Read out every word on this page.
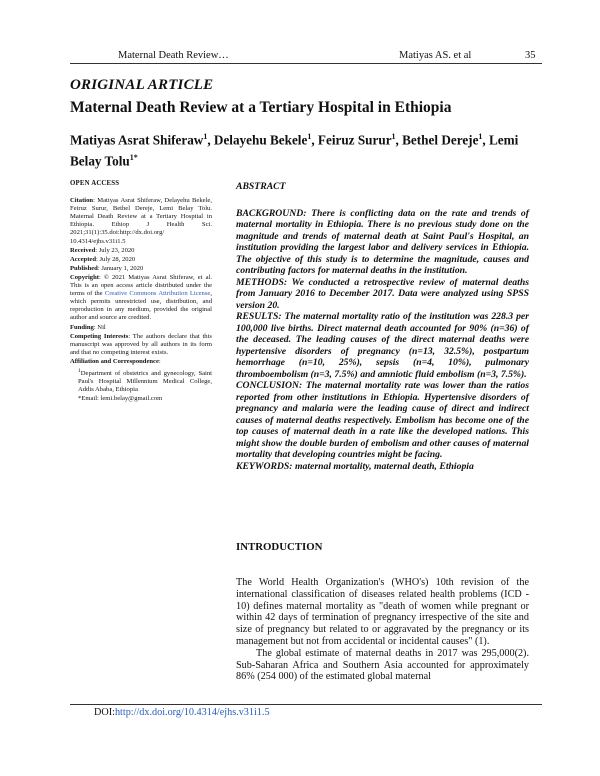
Maternal Death Review…	Matiyas AS. et al	35
ORIGINAL ARTICLE
Maternal Death Review at a Tertiary Hospital in Ethiopia
Matiyas Asrat Shiferaw$^1$, Delayehu Bekele$^1$, Feiruz Surur$^1$, Bethel Dereje$^1$, Lemi Belay Tolu$^{1*}$

OPEN ACCESS

Citation: Matiyas Asrat Shiferaw, Delayehu Bekele, Feiruz Surur, Bethel Dereje, Lemi Belay Tolu. Maternal Death Review at a Tertiary Hospital in Ethiopia. Ethiop J Health Sci. 2021;31(1):35.doi:http://dx.doi.org/ 10.4314/ejhs.v31i1.5

Received: July 23, 2020

Accepted: July 28, 2020

Published: January 1, 2020

Copyright: © 2021 Matiyas Asrat Shiferaw, et al. This is an open access article distributed under the terms of the Creative Commons Attribution License, which permits unrestricted use, distribution, and reproduction in any medium, provided the original author and source are credited.

Funding: Nil

Competing Interests: The authors declare that this manuscript was approved by all authors in its form and that no competing interest exists.

Affiliation and Correspondence:

$^1$Department of obstetrics and gynecology, Saint Paul's Hospital Millennium Medical College, Addis Ababa, Ethiopia

*Email: lemi.belay@gmail.com

ABSTRACT

BACKGROUND: There is conflicting data on the rate and trends of maternal mortality in Ethiopia. There is no previous study done on the magnitude and trends of maternal death at Saint Paul's Hospital, an institution providing the largest labor and delivery services in Ethiopia. The objective of this study is to determine the magnitude, causes and contributing factors for maternal deaths in the institution.

METHODS: We conducted a retrospective review of maternal deaths from January 2016 to December 2017. Data were analyzed using SPSS version 20.

RESULTS: The maternal mortality ratio of the institution was 228.3 per 100,000 live births. Direct maternal death accounted for 90% (n=36) of the deceased. The leading causes of the direct maternal deaths were hypertensive disorders of pregnancy (n=13, 32.5%), postpartum hemorrhage (n=10, 25%), sepsis (n=4, 10%), pulmonary thromboembolism (n=3, 7.5%) and amniotic fluid embolism (n=3, 7.5%).

CONCLUSION: The maternal mortality rate was lower than the ratios reported from other institutions in Ethiopia. Hypertensive disorders of pregnancy and malaria were the leading cause of direct and indirect causes of maternal deaths respectively. Embolism has become one of the top causes of maternal death in a rate like the developed nations. This might show the double burden of embolism and other causes of maternal mortality that developing countries might be facing.

KEYWORDS: maternal mortality, maternal death, Ethiopia

INTRODUCTION

The World Health Organization's (WHO's) 10th revision of the international classification of diseases related health problems (ICD - 10) defines maternal mortality as "death of women while pregnant or within 42 days of termination of pregnancy irrespective of the site and size of pregnancy but related to or aggravated by the pregnancy or its management but not from accidental or incidental causes" (1).

The global estimate of maternal deaths in 2017 was 295,000(2). Sub-Saharan Africa and Southern Asia accounted for approximately 86% (254 000) of the estimated global maternal

DOI:http://dx.doi.org/10.4314/ejhs.v31i1.5
